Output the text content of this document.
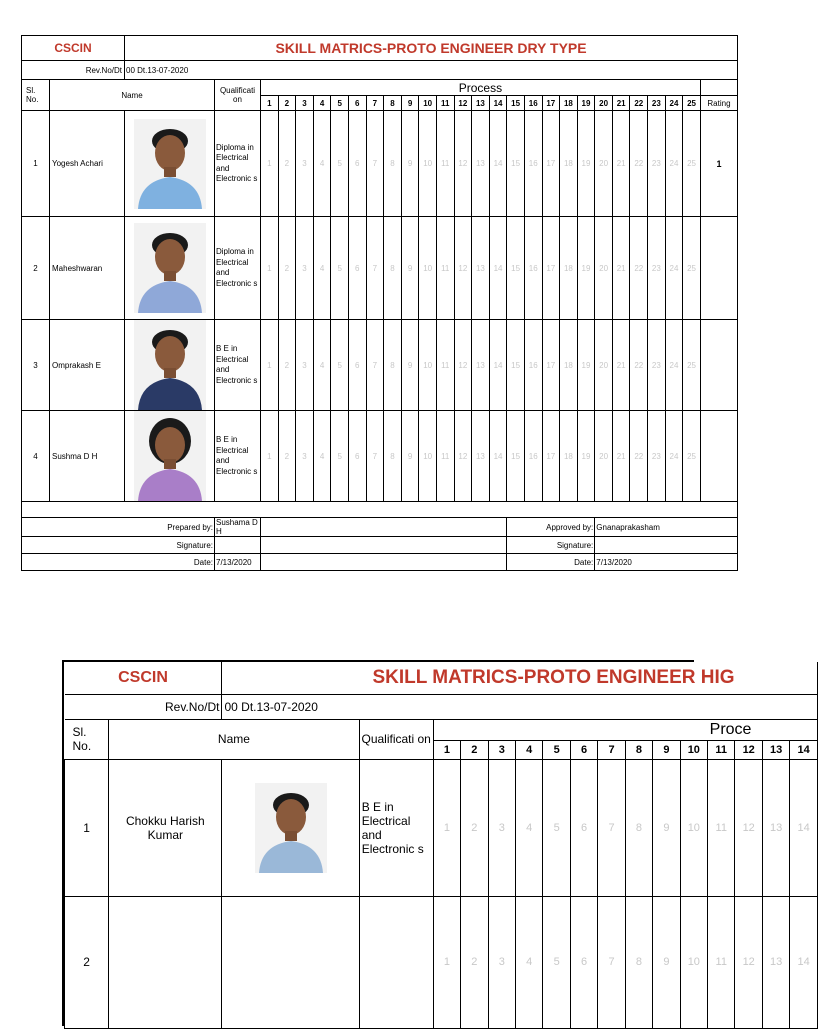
CSCIN		SKILL MATRICS-PROTO ENGINEER DRY TYPE																											
Rev.No/Dt		00 Dt.13-07-2020																											
Sl. No.	Name		Qualificati on	Process																									
				1	2	3	4	5	6	7	8	9	10	11	12	13	14	15	16	17	18	19	20	21	22	23	24	25	Rating
1	Yogesh Achari		Diploma in Electrical and Electronic s	1	2	3	4	5	6	7	8	9	10	11	12	13	14	15	16	17	18	19	20	21	22	23	24	25	1
2	Maheshwaran		Diploma in Electrical and Electronic s	1	2	3	4	5	6	7	8	9	10	11	12	13	14	15	16	17	18	19	20	21	22	23	24	25	
3	Omprakash E		B E in Electrical and Electronic s	1	2	3	4	5	6	7	8	9	10	11	12	13	14	15	16	17	18	19	20	21	22	23	24	25	
4	Sushma D H		B E in Electrical and Electronic s	1	2	3	4	5	6	7	8	9	10	11	12	13	14	15	16	17	18	19	20	21	22	23	24	25	

Prepared by:			Sushama D H															Approved by:					Gnanaprakasham						
Signature:																		Signature:											
Date:			7/13/2020															Date:					7/13/2020						
CSCIN		SKILL MATRICS-PROTO ENGINEER HIG															
Rev.No/Dt		00 Dt.13-07-2020															
Sl. No.	Name		Qualificati on	Proce													
				1	2	3	4	5	6	7	8	9	10	11	12	13	14
1	Chokku Harish Kumar		B E in Electrical and Electronic s	1	2	3	4	5	6	7	8	9	10	11	12	13	14
2				1	2	3	4	5	6	7	8	9	10	11	12	13	14
